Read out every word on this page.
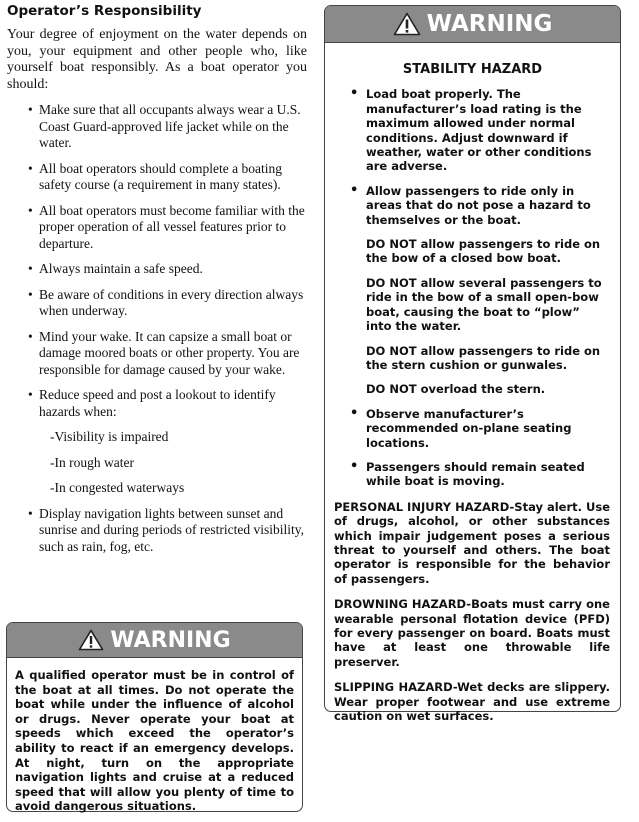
Operator’s Responsibility
Your degree of enjoyment on the water depends on you, your equipment and other people who, like yourself boat responsibly. As a boat operator you should:
• Make sure that all occupants always wear a U.S. Coast Guard-approved life jacket while on the water.
• All boat operators should complete a boating safety course (a requirement in many states).
• All boat operators must become familiar with the proper operation of all vessel features prior to departure.
• Always maintain a safe speed.
• Be aware of conditions in every direction always when underway.
• Mind your wake. It can capsize a small boat or damage moored boats or other property. You are responsible for damage caused by your wake.
• Reduce speed and post a lookout to identify hazards when:
-Visibility is impaired
-In rough water
-In congested waterways
• Display navigation lights between sunset and sunrise and during periods of restricted visibility, such as rain, fog, etc.
WARNING
A qualified operator must be in control of the boat at all times. Do not operate the boat while under the influence of alcohol or drugs. Never operate your boat at speeds which exceed the operator’s ability to react if an emergency develops. At night, turn on the appropriate navigation lights and cruise at a reduced speed that will allow you plenty of time to avoid dangerous situations.
WARNING
STABILITY HAZARD
• Load boat properly. The manufacturer’s load rating is the maximum allowed under normal conditions. Adjust downward if weather, water or other conditions are adverse.
• Allow passengers to ride only in areas that do not pose a hazard to themselves or the boat.
DO NOT allow passengers to ride on the bow of a closed bow boat.
DO NOT allow several passengers to ride in the bow of a small open-bow boat, causing the boat to “plow” into the water.
DO NOT allow passengers to ride on the stern cushion or gunwales.
DO NOT overload the stern.
• Observe manufacturer’s recommended on-plane seating locations.
• Passengers should remain seated while boat is moving.
PERSONAL INJURY HAZARD-Stay alert. Use of drugs, alcohol, or other substances which impair judgement poses a serious threat to yourself and others. The boat operator is responsible for the behavior of passengers.
DROWNING HAZARD-Boats must carry one wearable personal flotation device (PFD) for every passenger on board. Boats must have at least one throwable life preserver.
SLIPPING HAZARD-Wet decks are slippery. Wear proper footwear and use extreme caution on wet surfaces.
